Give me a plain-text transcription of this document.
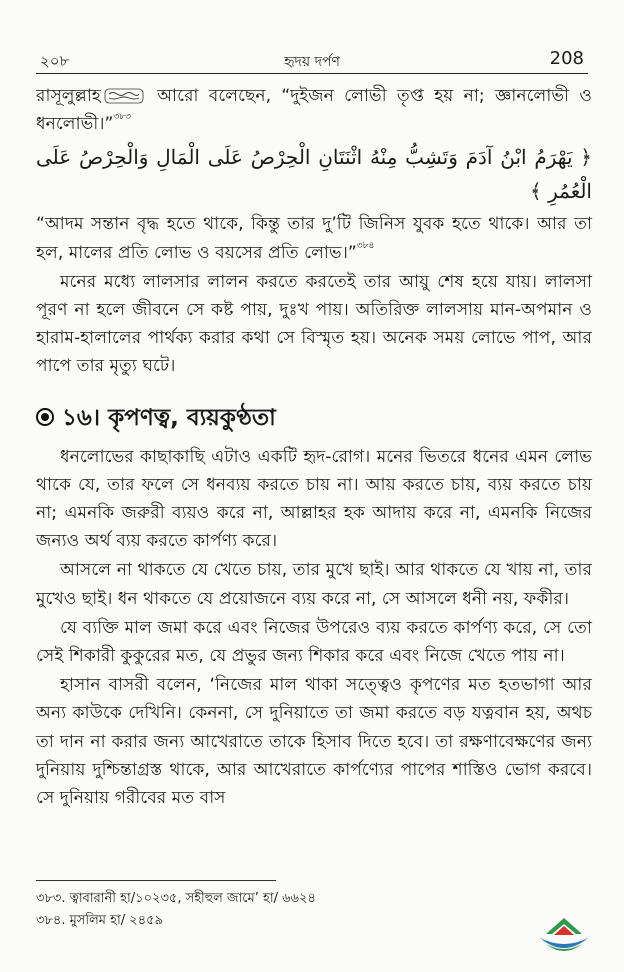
২০৮	হৃদয় দর্পণ	208

রাসূলুল্লাহ	আরো বলেছেন, “দুইজন লোভী তৃপ্ত হয় না; জ্ঞানলোভী ও ধনলোভী।”$^{৩৮৩}$

﴿ يَهْرَمُ ابْنُ آدَمَ وَتَشِبُّ مِنْهُ اثْنَتَانِ الْحِرْصُ عَلَى الْمَالِ وَالْحِرْصُ عَلَى الْعُمُرِ ﴾

“আদম সন্তান বৃদ্ধ হতে থাকে, কিন্তু তার দু’টি জিনিস যুবক হতে থাকে। আর তা হল, মালের প্রতি লোভ ও বয়সের প্রতি লোভ।”$^{৩৮৪}$

মনের মধ্যে লালসার লালন করতে করতেই তার আয়ু শেষ হয়ে যায়। লালসা পূরণ না হলে জীবনে সে কষ্ট পায়, দুঃখ পায়। অতিরিক্ত লালসায় মান-অপমান ও হারাম-হালালের পার্থক্য করার কথা সে বিস্মৃত হয়। অনেক সময় লোভে পাপ, আর পাপে তার মৃত্যু ঘটে।

১৬। কৃপণত্ব, ব্যয়কুণ্ঠতা

ধনলোভের কাছাকাছি এটাও একটি হৃদ-রোগ। মনের ভিতরে ধনের এমন লোভ থাকে যে, তার ফলে সে ধনব্যয় করতে চায় না। আয় করতে চায়, ব্যয় করতে চায় না; এমনকি জরুরী ব্যয়ও করে না, আল্লাহর হক আদায় করে না, এমনকি নিজের জন্যও অর্থ ব্যয় করতে কার্পণ্য করে।

আসলে না থাকতে যে খেতে চায়, তার মুখে ছাই। আর থাকতে যে খায় না, তার মুখেও ছাই। ধন থাকতে যে প্রয়োজনে ব্যয় করে না, সে আসলে ধনী নয়, ফকীর।

যে ব্যক্তি মাল জমা করে এবং নিজের উপরেও ব্যয় করতে কার্পণ্য করে, সে তো সেই শিকারী কুকুরের মত, যে প্রভুর জন্য শিকার করে এবং নিজে খেতে পায় না।

হাসান বাসরী বলেন, ‘নিজের মাল থাকা সত্ত্বেও কৃপণের মত হতভাগা আর অন্য কাউকে দেখিনি। কেননা, সে দুনিয়াতে তা জমা করতে বড় যত্নবান হয়, অথচ তা দান না করার জন্য আখেরাতে তাকে হিসাব দিতে হবে। তা রক্ষণাবেক্ষণের জন্য দুনিয়ায় দুশ্চিন্তাগ্রস্ত থাকে, আর আখেরাতে কার্পণ্যের পাপের শাস্তিও ভোগ করবে। সে দুনিয়ায় গরীবের মত বাস

৩৮৩. ত্বাবারানী হা/১০২৩৫, সহীহুল জামে’ হা/ ৬৬২৪
৩৮৪. মুসলিম হা/ ২৪৫৯
